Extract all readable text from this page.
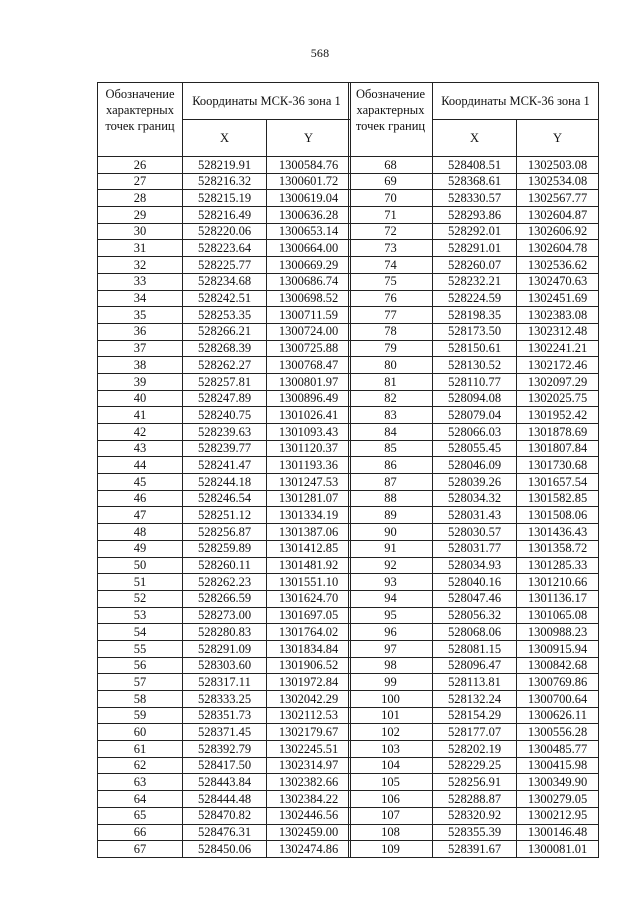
568
Обозначение характерных точек границ	Координаты МСК-36 зона 1	
	X	Y
26	528219.91	1300584.76
27	528216.32	1300601.72
28	528215.19	1300619.04
29	528216.49	1300636.28
30	528220.06	1300653.14
31	528223.64	1300664.00
32	528225.77	1300669.29
33	528234.68	1300686.74
34	528242.51	1300698.52
35	528253.35	1300711.59
36	528266.21	1300724.00
37	528268.39	1300725.88
38	528262.27	1300768.47
39	528257.81	1300801.97
40	528247.89	1300896.49
41	528240.75	1301026.41
42	528239.63	1301093.43
43	528239.77	1301120.37
44	528241.47	1301193.36
45	528244.18	1301247.53
46	528246.54	1301281.07
47	528251.12	1301334.19
48	528256.87	1301387.06
49	528259.89	1301412.85
50	528260.11	1301481.92
51	528262.23	1301551.10
52	528266.59	1301624.70
53	528273.00	1301697.05
54	528280.83	1301764.02
55	528291.09	1301834.84
56	528303.60	1301906.52
57	528317.11	1301972.84
58	528333.25	1302042.29
59	528351.73	1302112.53
60	528371.45	1302179.67
61	528392.79	1302245.51
62	528417.50	1302314.97
63	528443.84	1302382.66
64	528444.48	1302384.22
65	528470.82	1302446.56
66	528476.31	1302459.00
67	528450.06	1302474.86
Обозначение характерных точек границ	Координаты МСК-36 зона 1	
	X	Y
68	528408.51	1302503.08
69	528368.61	1302534.08
70	528330.57	1302567.77
71	528293.86	1302604.87
72	528292.01	1302606.92
73	528291.01	1302604.78
74	528260.07	1302536.62
75	528232.21	1302470.63
76	528224.59	1302451.69
77	528198.35	1302383.08
78	528173.50	1302312.48
79	528150.61	1302241.21
80	528130.52	1302172.46
81	528110.77	1302097.29
82	528094.08	1302025.75
83	528079.04	1301952.42
84	528066.03	1301878.69
85	528055.45	1301807.84
86	528046.09	1301730.68
87	528039.26	1301657.54
88	528034.32	1301582.85
89	528031.43	1301508.06
90	528030.57	1301436.43
91	528031.77	1301358.72
92	528034.93	1301285.33
93	528040.16	1301210.66
94	528047.46	1301136.17
95	528056.32	1301065.08
96	528068.06	1300988.23
97	528081.15	1300915.94
98	528096.47	1300842.68
99	528113.81	1300769.86
100	528132.24	1300700.64
101	528154.29	1300626.11
102	528177.07	1300556.28
103	528202.19	1300485.77
104	528229.25	1300415.98
105	528256.91	1300349.90
106	528288.87	1300279.05
107	528320.92	1300212.95
108	528355.39	1300146.48
109	528391.67	1300081.01
